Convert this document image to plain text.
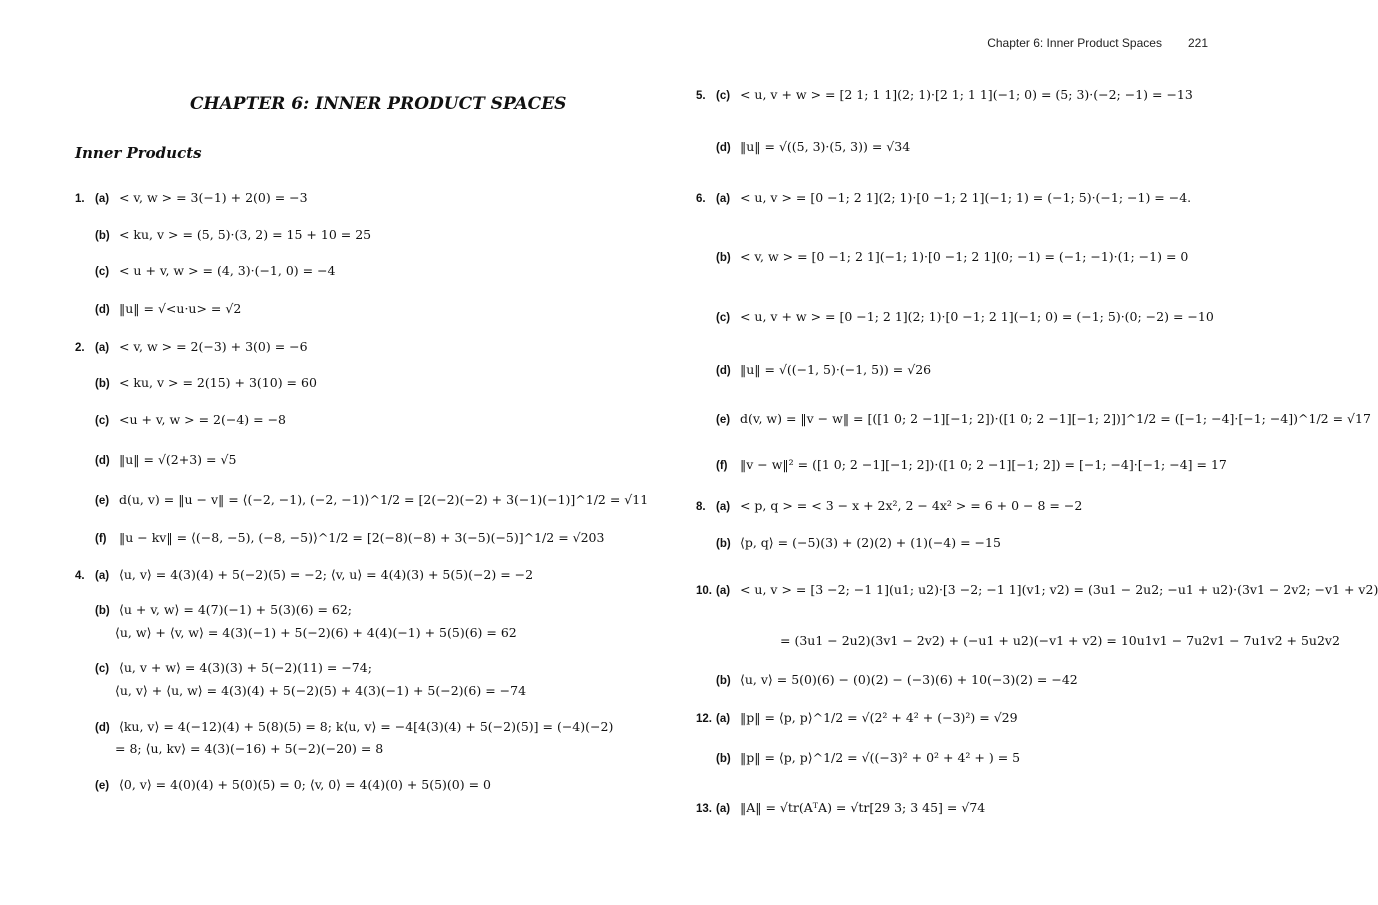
Chapter 6: Inner Product Spaces 221
CHAPTER 6: INNER PRODUCT SPACES
Inner Products
1. (a) < v, w > = 3(−1) + 2(0) = −3
(b) < ku, v > = (5, 5)·(3, 2) = 15 + 10 = 25
(c) < u + v, w > = (4, 3)·(−1, 0) = −4
(d) ‖u‖ = √<u·u> = √2
2. (a) < v, w > = 2(−3) + 3(0) = −6
(b) < ku, v > = 2(15) + 3(10) = 60
(c) <u + v, w > = 2(−4) = −8
(d) ‖u‖ = √(2+3) = √5
(e) d(u, v) = ‖u − v‖ = ⟨(−2, −1), (−2, −1)⟩^1/2 = [2(−2)(−2) + 3(−1)(−1)]^1/2 = √11
(f) ‖u − kv‖ = ⟨(−8, −5), (−8, −5)⟩^1/2 = [2(−8)(−8) + 3(−5)(−5)]^1/2 = √203
4. (a) ⟨u, v⟩ = 4(3)(4) + 5(−2)(5) = −2; ⟨v, u⟩ = 4(4)(3) + 5(5)(−2) = −2
(b) ⟨u + v, w⟩ = 4(7)(−1) + 5(3)(6) = 62;
⟨u, w⟩ + ⟨v, w⟩ = 4(3)(−1) + 5(−2)(6) + 4(4)(−1) + 5(5)(6) = 62
(c) ⟨u, v + w⟩ = 4(3)(3) + 5(−2)(11) = −74;
⟨u, v⟩ + ⟨u, w⟩ = 4(3)(4) + 5(−2)(5) + 4(3)(−1) + 5(−2)(6) = −74
(d) ⟨ku, v⟩ = 4(−12)(4) + 5(8)(5) = 8; k⟨u, v⟩ = −4[4(3)(4) + 5(−2)(5)] = (−4)(−2)
= 8; ⟨u, kv⟩ = 4(3)(−16) + 5(−2)(−20) = 8
(e) ⟨0, v⟩ = 4(0)(4) + 5(0)(5) = 0; ⟨v, 0⟩ = 4(4)(0) + 5(5)(0) = 0
5. (c) < u, v + w > = [2 1; 1 1](2; 1)·[2 1; 1 1](−1; 0) = (5; 3)·(−2; −1) = −13
(d) ‖u‖ = √((5, 3)·(5, 3)) = √34
6. (a) < u, v > = [0 −1; 2 1](2; 1)·[0 −1; 2 1](−1; 1) = (−1; 5)·(−1; −1) = −4.
(b) < v, w > = [0 −1; 2 1](−1; 1)·[0 −1; 2 1](0; −1) = (−1; −1)·(1; −1) = 0
(c) < u, v + w > = [0 −1; 2 1](2; 1)·[0 −1; 2 1](−1; 0) = (−1; 5)·(0; −2) = −10
(d) ‖u‖ = √((−1, 5)·(−1, 5)) = √26
(e) d(v, w) = ‖v − w‖ = [([1 0; 2 −1][−1; 2])·([1 0; 2 −1][−1; 2])]^1/2 = ([−1; −4]·[−1; −4])^1/2 = √17
(f) ‖v − w‖² = ([1 0; 2 −1][−1; 2])·([1 0; 2 −1][−1; 2]) = [−1; −4]·[−1; −4] = 17
8. (a) < p, q > = < 3 − x + 2x², 2 − 4x² > = 6 + 0 − 8 = −2
(b) ⟨p, q⟩ = (−5)(3) + (2)(2) + (1)(−4) = −15
10. (a) < u, v > = [3 −2; −1 1](u1; u2)·[3 −2; −1 1](v1; v2) = (3u1 − 2u2; −u1 + u2)·(3v1 − 2v2; −v1 + v2)
= (3u1 − 2u2)(3v1 − 2v2) + (−u1 + u2)(−v1 + v2) = 10u1v1 − 7u2v1 − 7u1v2 + 5u2v2
(b) ⟨u, v⟩ = 5(0)(6) − (0)(2) − (−3)(6) + 10(−3)(2) = −42
12. (a) ‖p‖ = ⟨p, p⟩^1/2 = √(2² + 4² + (−3)²) = √29
(b) ‖p‖ = ⟨p, p⟩^1/2 = √((−3)² + 0² + 4² + ) = 5
13. (a) ‖A‖ = √tr(AᵀA) = √tr[29 3; 3 45] = √74
